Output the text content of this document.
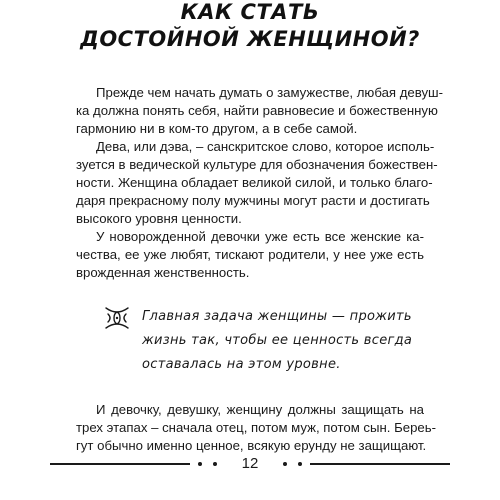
КАК СТАТЬ
ДОСТОЙНОЙ ЖЕНЩИНОЙ?
Прежде чем начать думать о замужестве, любая девуш-
ка должна понять себя, найти равновесие и божественную
гармонию ни в ком-то другом, а в себе самой.
Дева, или дэва, – санскритское слово, которое исполь-
зуется в ведической культуре для обозначения божествен-
ности. Женщина обладает великой силой, и только благо-
даря прекрасному полу мужчины могут расти и достигать
высокого уровня ценности.
У новорожденной девочки уже есть все женские ка-
чества, ее уже любят, тискают родители, у нее уже есть
врожденная женственность.
Главная задача женщины — прожить
жизнь так, чтобы ее ценность всегда
оставалась на этом уровне.
И девочку, девушку, женщину должны защищать на
трех этапах – сначала отец, потом муж, потом сын. Береь-
гут обычно именно ценное, всякую ерунду не защищают.
12
